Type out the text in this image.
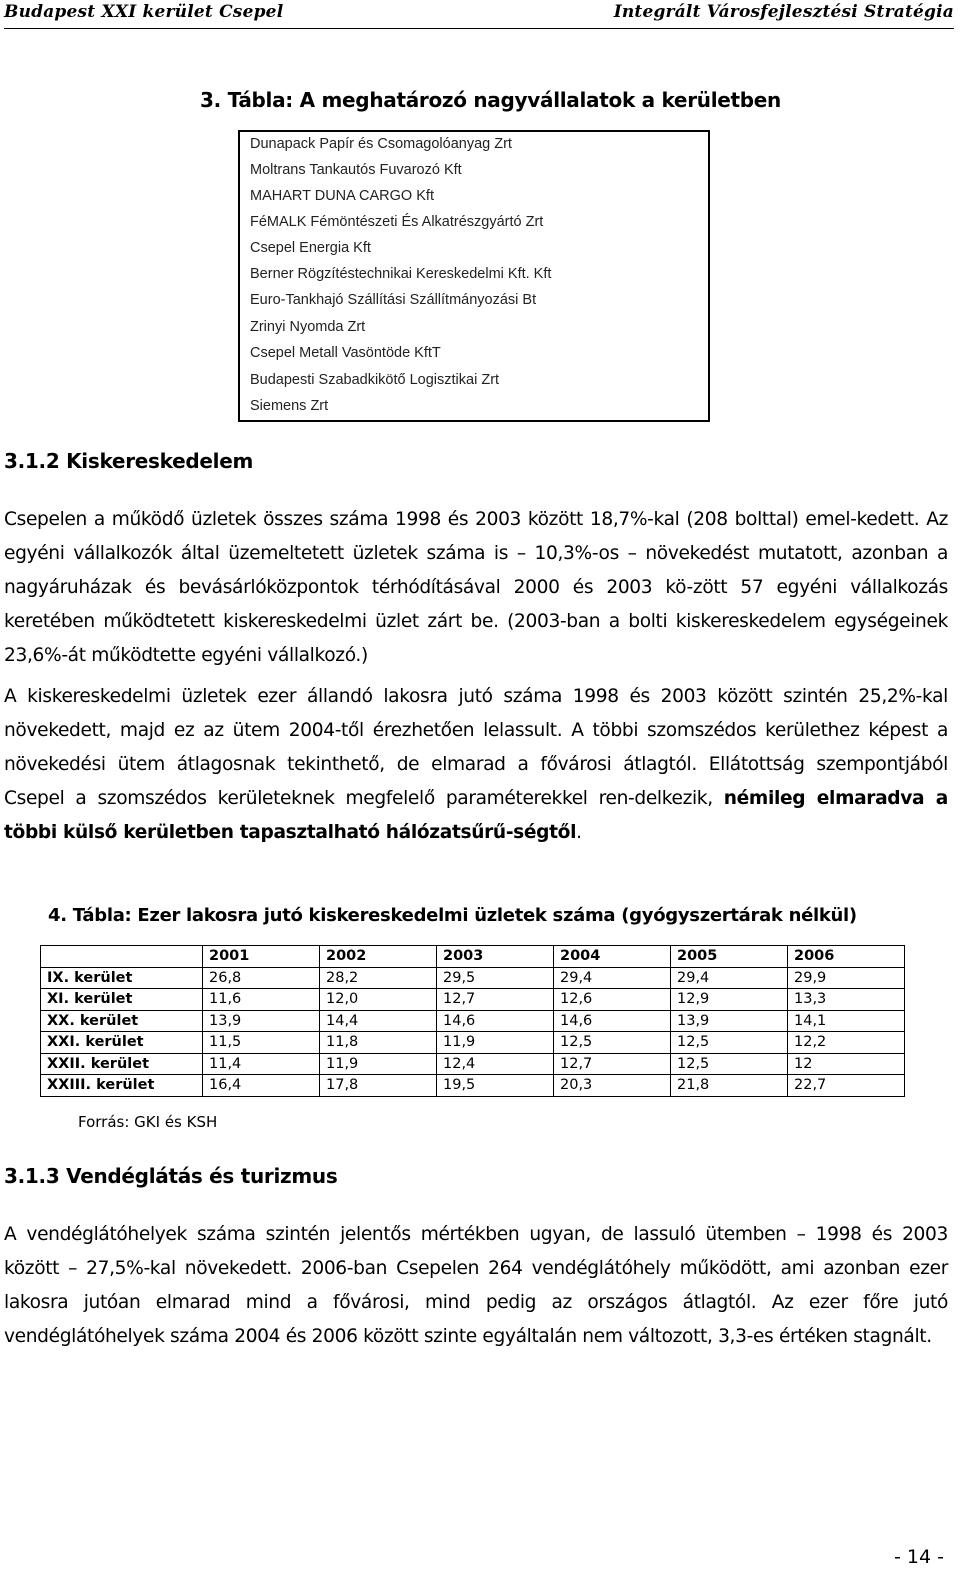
Budapest XXI kerület Csepel	Integrált Városfejlesztési Stratégia
3. Tábla: A meghatározó nagyvállalatok a kerületben
Dunapack Papír és Csomagolóanyag Zrt
Moltrans Tankautós Fuvarozó Kft
MAHART DUNA CARGO Kft
FéMALK Fémöntészeti És Alkatrészgyártó Zrt
Csepel Energia Kft
Berner Rögzítéstechnikai Kereskedelmi Kft. Kft
Euro-Tankhajó Szállítási Szállítmányozási Bt
Zrinyi Nyomda Zrt
Csepel Metall Vasöntöde KftT
Budapesti Szabadkikötő Logisztikai Zrt
Siemens Zrt
3.1.2 Kiskereskedelem
Csepelen a működő üzletek összes száma 1998 és 2003 között 18,7%-kal (208 bolttal) emel-kedett. Az egyéni vállalkozók által üzemeltetett üzletek száma is – 10,3%-os – növekedést mutatott, azonban a nagyáruházak és bevásárlóközpontok térhódításával 2000 és 2003 kö-zött 57 egyéni vállalkozás keretében működtetett kiskereskedelmi üzlet zárt be. (2003-ban a bolti kiskereskedelem egységeinek 23,6%-át működtette egyéni vállalkozó.)
A kiskereskedelmi üzletek ezer állandó lakosra jutó száma 1998 és 2003 között szintén 25,2%-kal növekedett, majd ez az ütem 2004-től érezhetően lelassult. A többi szomszédos kerülethez képest a növekedési ütem átlagosnak tekinthető, de elmarad a fővárosi átlagtól. Ellátottság szempontjából Csepel a szomszédos kerületeknek megfelelő paraméterekkel ren-delkezik, némileg elmaradva a többi külső kerületben tapasztalható hálózatsűrű-ségtől.
4. Tábla: Ezer lakosra jutó kiskereskedelmi üzletek száma (gyógyszertárak nélkül)
	2001	2002	2003	2004	2005	2006
IX. kerület	26,8	28,2	29,5	29,4	29,4	29,9
XI. kerület	11,6	12,0	12,7	12,6	12,9	13,3
XX. kerület	13,9	14,4	14,6	14,6	13,9	14,1
XXI. kerület	11,5	11,8	11,9	12,5	12,5	12,2
XXII. kerület	11,4	11,9	12,4	12,7	12,5	12
XXIII. kerület	16,4	17,8	19,5	20,3	21,8	22,7
Forrás: GKI és KSH
3.1.3 Vendéglátás és turizmus
A vendéglátóhelyek száma szintén jelentős mértékben ugyan, de lassuló ütemben – 1998 és 2003 között – 27,5%-kal növekedett. 2006-ban Csepelen 264 vendéglátóhely működött, ami azonban ezer lakosra jutóan elmarad mind a fővárosi, mind pedig az országos átlagtól. Az ezer főre jutó vendéglátóhelyek száma 2004 és 2006 között szinte egyáltalán nem változott, 3,3-es értéken stagnált.
- 14 -
